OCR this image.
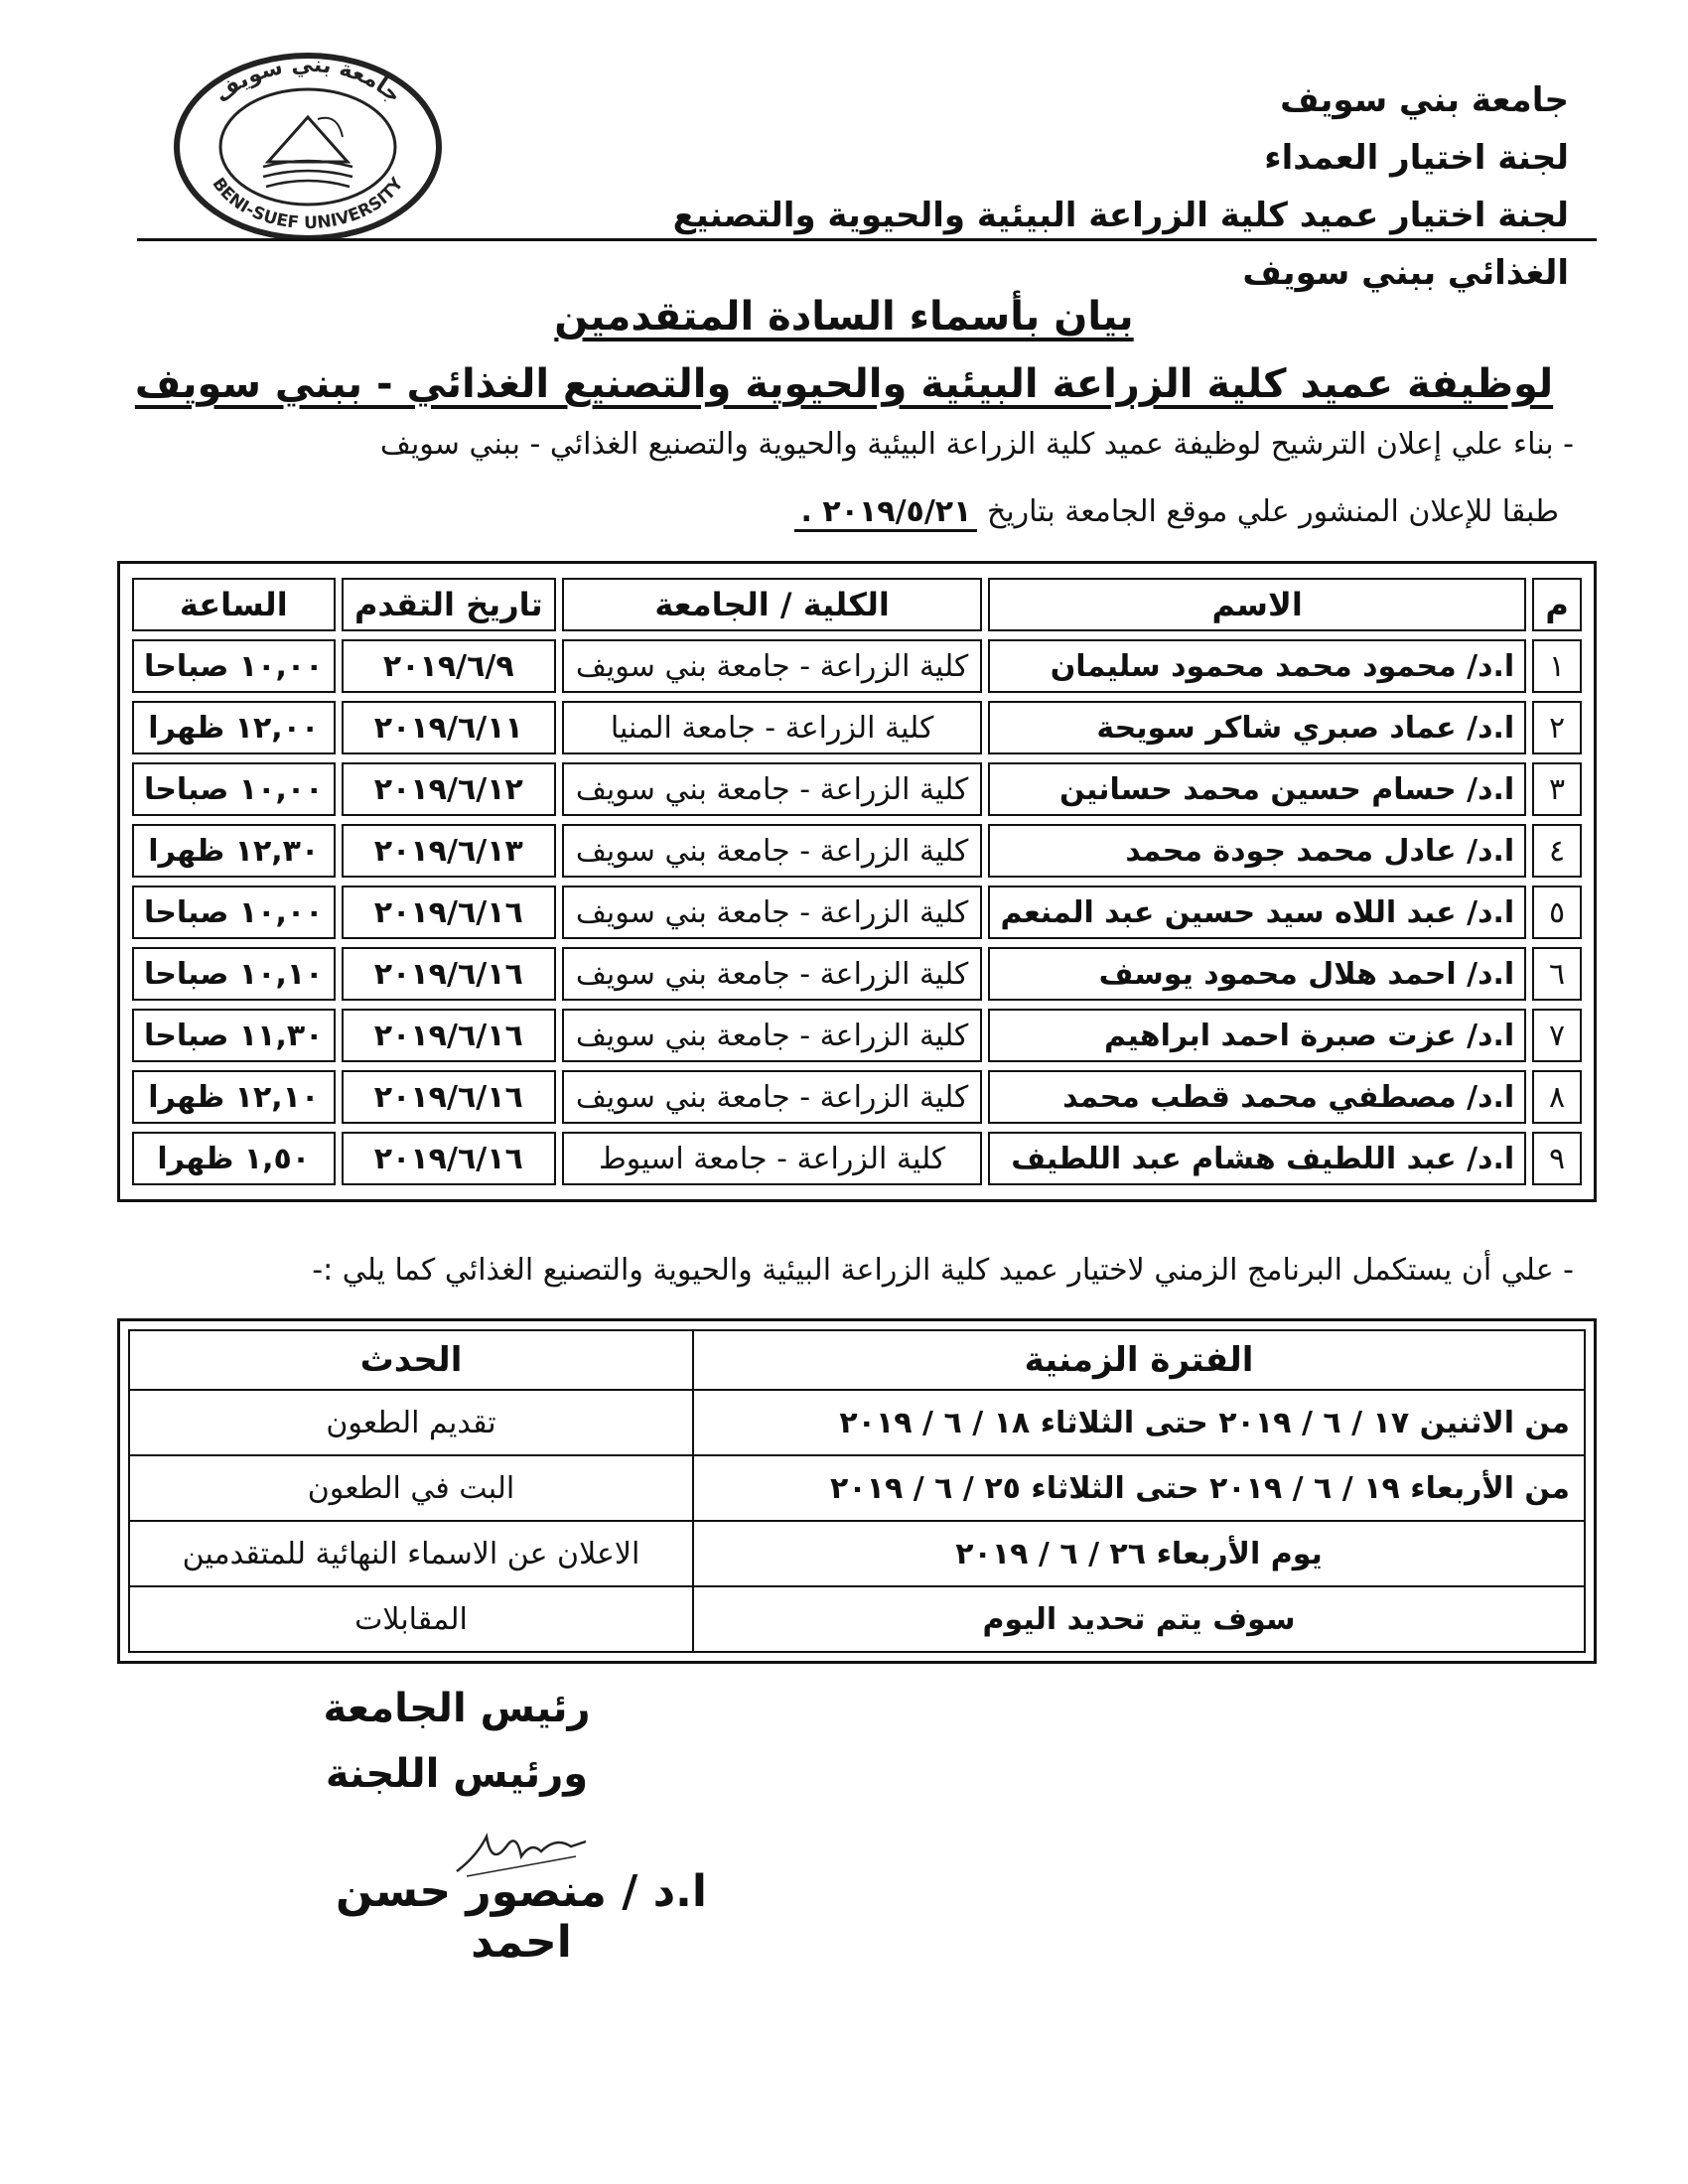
جامعة بني سويف
BENI-SUEF UNIVERSITY
جامعة بني سويف
لجنة اختيار العمداء
لجنة اختيار عميد كلية الزراعة البيئية والحيوية والتصنيع الغذائي ببني سويف
بيان بأسماء السادة المتقدمين
لوظيفة عميد كلية الزراعة البيئية والحيوية والتصنيع الغذائي - ببني سويف
- بناء علي إعلان الترشيح لوظيفة عميد كلية الزراعة البيئية والحيوية والتصنيع الغذائي - ببني سويف
طبقا للإعلان المنشور علي موقع الجامعة بتاريخ ٢٠١٩/٥/٢١ .
م	الاسم	الكلية / الجامعة	تاريخ التقدم	الساعة
١	ا.د/ محمود محمد محمود سليمان	كلية الزراعة - جامعة بني سويف	٢٠١٩/٦/٩	١٠,٠٠ صباحا
٢	ا.د/ عماد صبري شاكر سويحة	كلية الزراعة - جامعة المنيا	٢٠١٩/٦/١١	١٢,٠٠ ظهرا
٣	ا.د/ حسام حسين محمد حسانين	كلية الزراعة - جامعة بني سويف	٢٠١٩/٦/١٢	١٠,٠٠ صباحا
٤	ا.د/ عادل محمد جودة محمد	كلية الزراعة - جامعة بني سويف	٢٠١٩/٦/١٣	١٢,٣٠ ظهرا
٥	ا.د/ عبد اللاه سيد حسين عبد المنعم	كلية الزراعة - جامعة بني سويف	٢٠١٩/٦/١٦	١٠,٠٠ صباحا
٦	ا.د/ احمد هلال محمود يوسف	كلية الزراعة - جامعة بني سويف	٢٠١٩/٦/١٦	١٠,١٠ صباحا
٧	ا.د/ عزت صبرة احمد ابراهيم	كلية الزراعة - جامعة بني سويف	٢٠١٩/٦/١٦	١١,٣٠ صباحا
٨	ا.د/ مصطفي محمد قطب محمد	كلية الزراعة - جامعة بني سويف	٢٠١٩/٦/١٦	١٢,١٠ ظهرا
٩	ا.د/ عبد اللطيف هشام عبد اللطيف	كلية الزراعة - جامعة اسيوط	٢٠١٩/٦/١٦	١,٥٠ ظهرا
- علي أن يستكمل البرنامج الزمني لاختيار عميد كلية الزراعة البيئية والحيوية والتصنيع الغذائي كما يلي :-
الفترة الزمنية	الحدث
من الاثنين ١٧ / ٦ / ٢٠١٩ حتى الثلاثاء ١٨ / ٦ / ٢٠١٩	تقديم الطعون
من الأربعاء ١٩ / ٦ / ٢٠١٩ حتى الثلاثاء ٢٥ / ٦ / ٢٠١٩	البت في الطعون
يوم الأربعاء ٢٦ / ٦ / ٢٠١٩	الاعلان عن الاسماء النهائية للمتقدمين
سوف يتم تحديد اليوم	المقابلات
رئيس الجامعة
ورئيس اللجنة
ا.د / منصور حسن احمد
